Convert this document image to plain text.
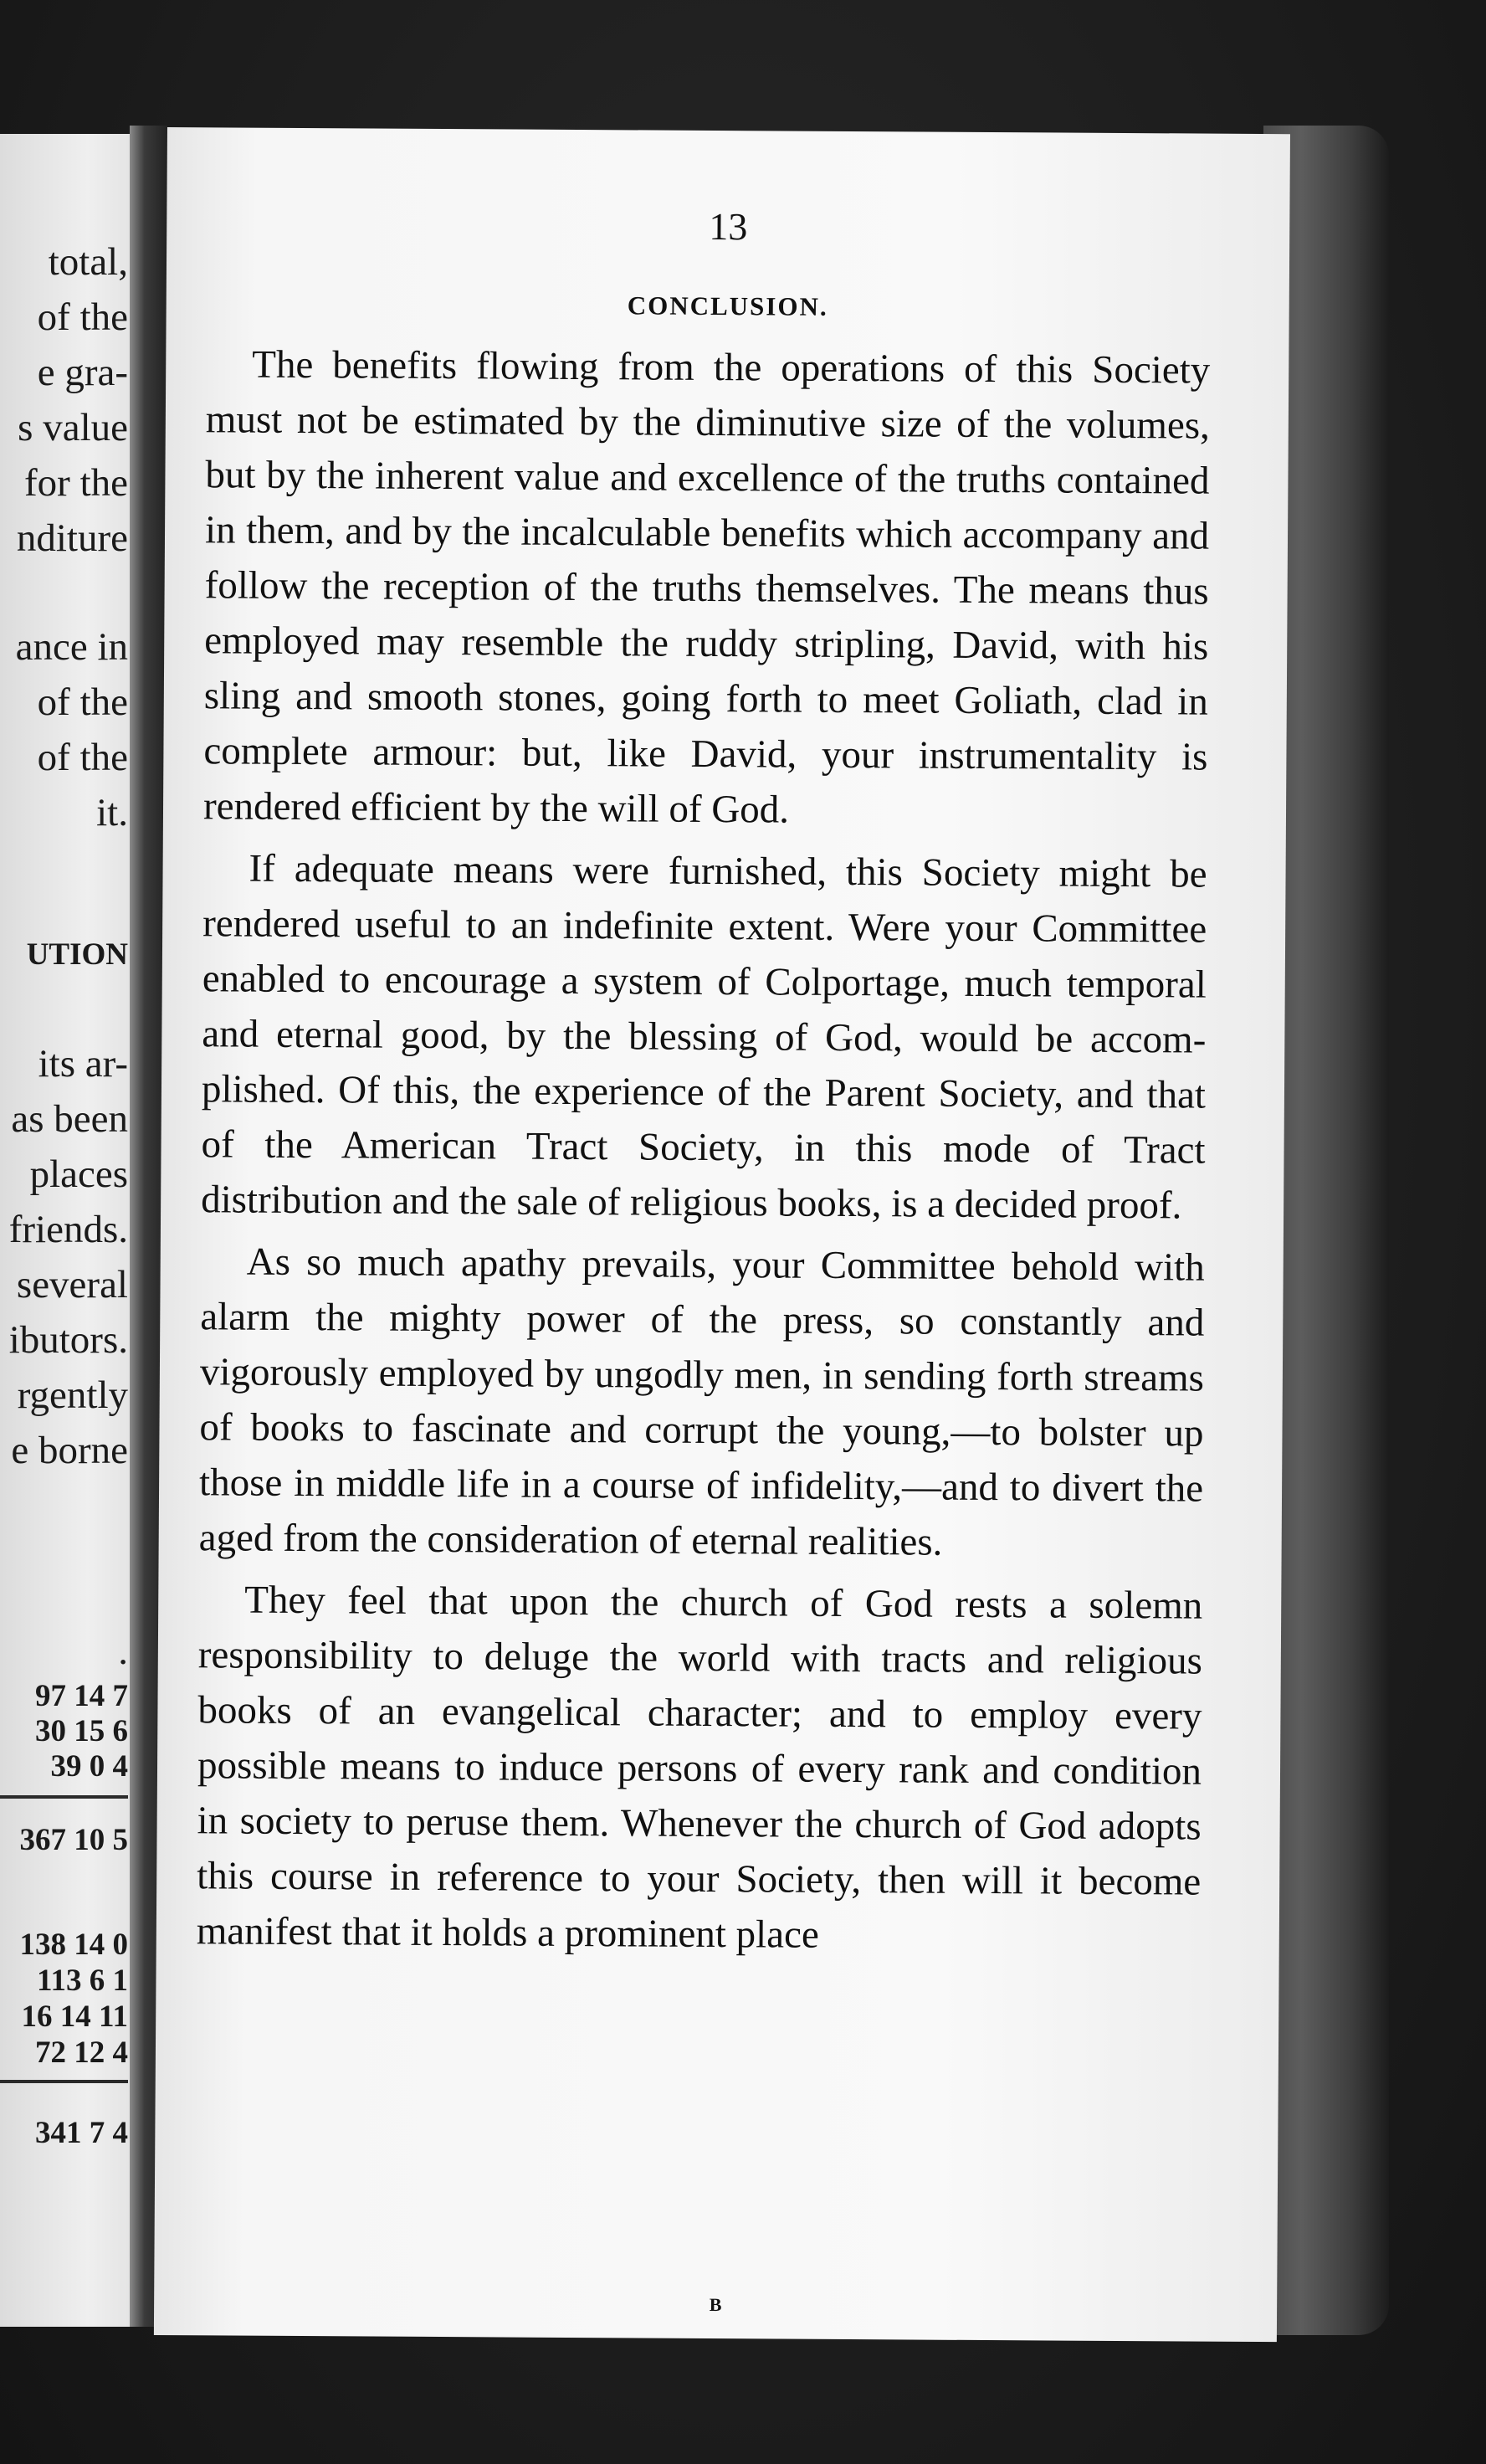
total,
of the
e gra-
s value
for the
nditure
ance in
of the
of the
it.
UTION
its ar-
as been
places
friends.
several
ibutors.
rgently
e borne
.
97 14 7
30 15 6
39 0 4
367 10 5
138 14 0
113 6 1
16 14 11
72 12 4
341 7 4
13
CONCLUSION.

The benefits flowing from the operations of this Society must not be estimated by the diminutive size of the volumes, but by the inherent value and excellence of the truths contained in them, and by the incalculable benefits which accompany and follow the reception of the truths themselves. The means thus employed may resemble the ruddy stripling, David, with his sling and smooth stones, going forth to meet Goliath, clad in complete armour: but, like David, your instrumentality is rendered efficient by the will of God.

If adequate means were furnished, this Society might be rendered useful to an indefinite extent. Were your Committee enabled to encourage a system of Colportage, much temporal and eternal good, by the blessing of God, would be accomplished. Of this, the experience of the Parent Society, and that of the American Tract Society, in this mode of Tract distribution and the sale of religious books, is a decided proof.

As so much apathy prevails, your Committee behold with alarm the mighty power of the press, so constantly and vigorously employed by ungodly men, in sending forth streams of books to fascinate and corrupt the young,—to bolster up those in middle life in a course of infidelity,—and to divert the aged from the consideration of eternal realities.

They feel that upon the church of God rests a solemn responsibility to deluge the world with tracts and religious books of an evangelical character; and to employ every possible means to induce persons of every rank and condition in society to peruse them. Whenever the church of God adopts this course in reference to your Society, then will it become manifest that it holds a prominent place

B
